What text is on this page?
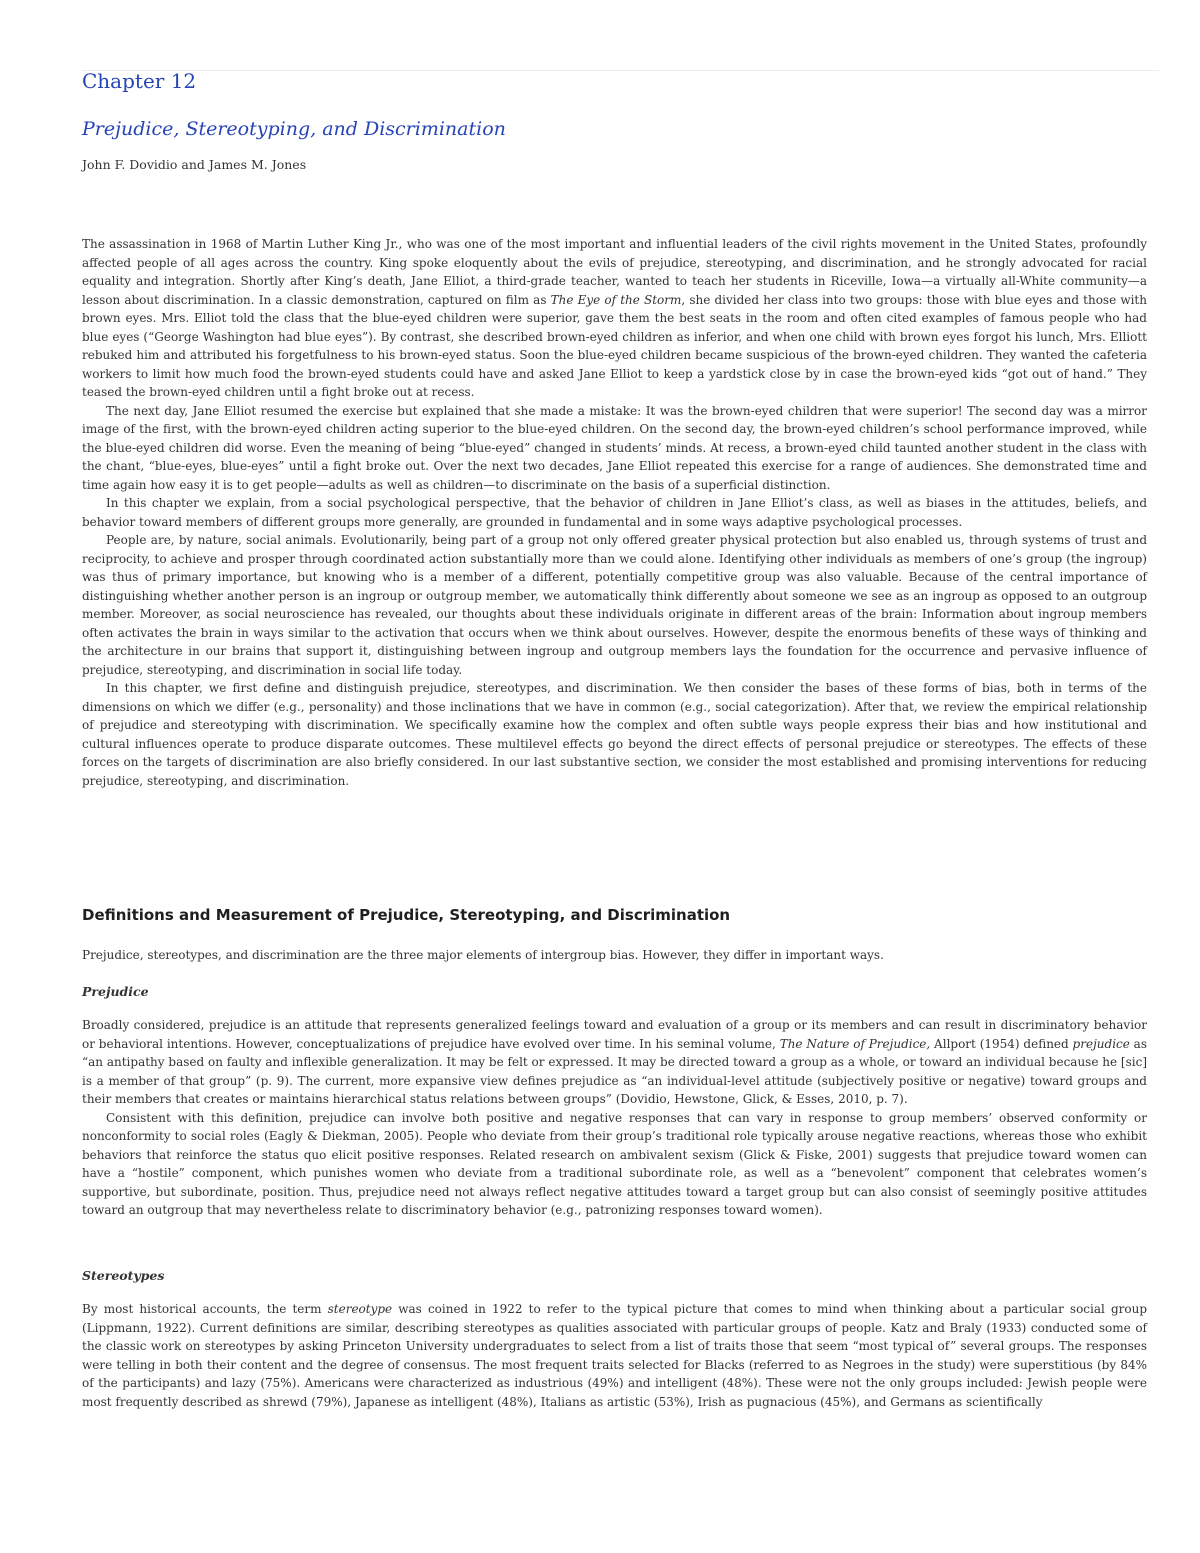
Chapter 12
Prejudice, Stereotyping, and Discrimination
John F. Dovidio and James M. Jones

The assassination in 1968 of Martin Luther King Jr., who was one of the most important and influential leaders of the civil rights movement in the United States, profoundly affected people of all ages across the country. King spoke eloquently about the evils of prejudice, stereotyping, and discrimination, and he strongly advocated for racial equality and integration. Shortly after King’s death, Jane Elliot, a third-grade teacher, wanted to teach her students in Riceville, Iowa—a virtually all-White community—a lesson about discrimination. In a classic demonstration, captured on film as The Eye of the Storm, she divided her class into two groups: those with blue eyes and those with brown eyes. Mrs. Elliot told the class that the blue-eyed children were superior, gave them the best seats in the room and often cited examples of famous people who had blue eyes (“George Washington had blue eyes”). By contrast, she described brown-eyed children as inferior, and when one child with brown eyes forgot his lunch, Mrs. Elliott rebuked him and attributed his forgetfulness to his brown-eyed status. Soon the blue-eyed children became suspicious of the brown-eyed children. They wanted the cafeteria workers to limit how much food the brown-eyed students could have and asked Jane Elliot to keep a yardstick close by in case the brown-eyed kids “got out of hand.” They teased the brown-eyed children until a fight broke out at recess.

The next day, Jane Elliot resumed the exercise but explained that she made a mistake: It was the brown-eyed children that were superior! The second day was a mirror image of the first, with the brown-eyed children acting superior to the blue-eyed children. On the second day, the brown-eyed children’s school performance improved, while the blue-eyed children did worse. Even the meaning of being “blue-eyed” changed in students’ minds. At recess, a brown-eyed child taunted another student in the class with the chant, “blue-eyes, blue-eyes” until a fight broke out. Over the next two decades, Jane Elliot repeated this exercise for a range of audiences. She demonstrated time and time again how easy it is to get people—adults as well as children—to discriminate on the basis of a superficial distinction.

In this chapter we explain, from a social psychological perspective, that the behavior of children in Jane Elliot’s class, as well as biases in the attitudes, beliefs, and behavior toward members of different groups more generally, are grounded in fundamental and in some ways adaptive psychological processes.

People are, by nature, social animals. Evolutionarily, being part of a group not only offered greater physical protection but also enabled us, through systems of trust and reciprocity, to achieve and prosper through coordinated action substantially more than we could alone. Identifying other individuals as members of one’s group (the ingroup) was thus of primary importance, but knowing who is a member of a different, potentially competitive group was also valuable. Because of the central importance of distinguishing whether another person is an ingroup or outgroup member, we automatically think differently about someone we see as an ingroup as opposed to an outgroup member. Moreover, as social neuroscience has revealed, our thoughts about these individuals originate in different areas of the brain: Information about ingroup members often activates the brain in ways similar to the activation that occurs when we think about ourselves. However, despite the enormous benefits of these ways of thinking and the architecture in our brains that support it, distinguishing between ingroup and outgroup members lays the foundation for the occurrence and pervasive influence of prejudice, stereotyping, and discrimination in social life today.

In this chapter, we first define and distinguish prejudice, stereotypes, and discrimination. We then consider the bases of these forms of bias, both in terms of the dimensions on which we differ (e.g., personality) and those inclinations that we have in common (e.g., social categorization). After that, we review the empirical relationship of prejudice and stereotyping with discrimination. We specifically examine how the complex and often subtle ways people express their bias and how institutional and cultural influences operate to produce disparate outcomes. These multilevel effects go beyond the direct effects of personal prejudice or stereotypes. The effects of these forces on the targets of discrimination are also briefly considered. In our last substantive section, we consider the most established and promising interventions for reducing prejudice, stereotyping, and discrimination.

Definitions and Measurement of Prejudice, Stereotyping, and Discrimination
Prejudice, stereotypes, and discrimination are the three major elements of intergroup bias. However, they differ in important ways.
Prejudice

Broadly considered, prejudice is an attitude that represents generalized feelings toward and evaluation of a group or its members and can result in discriminatory behavior or behavioral intentions. However, conceptualizations of prejudice have evolved over time. In his seminal volume, The Nature of Prejudice, Allport (1954) defined prejudice as “an antipathy based on faulty and inflexible generalization. It may be felt or expressed. It may be directed toward a group as a whole, or toward an individual because he [sic] is a member of that group” (p. 9). The current, more expansive view defines prejudice as “an individual-level attitude (subjectively positive or negative) toward groups and their members that creates or maintains hierarchical status relations between groups” (Dovidio, Hewstone, Glick, & Esses, 2010, p. 7).

Consistent with this definition, prejudice can involve both positive and negative responses that can vary in response to group members’ observed conformity or nonconformity to social roles (Eagly & Diekman, 2005). People who deviate from their group’s traditional role typically arouse negative reactions, whereas those who exhibit behaviors that reinforce the status quo elicit positive responses. Related research on ambivalent sexism (Glick & Fiske, 2001) suggests that prejudice toward women can have a “hostile” component, which punishes women who deviate from a traditional subordinate role, as well as a “benevolent” component that celebrates women’s supportive, but subordinate, position. Thus, prejudice need not always reflect negative attitudes toward a target group but can also consist of seemingly positive attitudes toward an outgroup that may nevertheless relate to discriminatory behavior (e.g., patronizing responses toward women).

Stereotypes

By most historical accounts, the term stereotype was coined in 1922 to refer to the typical picture that comes to mind when thinking about a particular social group (Lippmann, 1922). Current definitions are similar, describing stereotypes as qualities associated with particular groups of people. Katz and Braly (1933) conducted some of the classic work on stereotypes by asking Princeton University undergraduates to select from a list of traits those that seem “most typical of” several groups. The responses were telling in both their content and the degree of consensus. The most frequent traits selected for Blacks (referred to as Negroes in the study) were superstitious (by 84% of the participants) and lazy (75%). Americans were characterized as industrious (49%) and intelligent (48%). These were not the only groups included: Jewish people were most frequently described as shrewd (79%), Japanese as intelligent (48%), Italians as artistic (53%), Irish as pugnacious (45%), and Germans as scientifically
